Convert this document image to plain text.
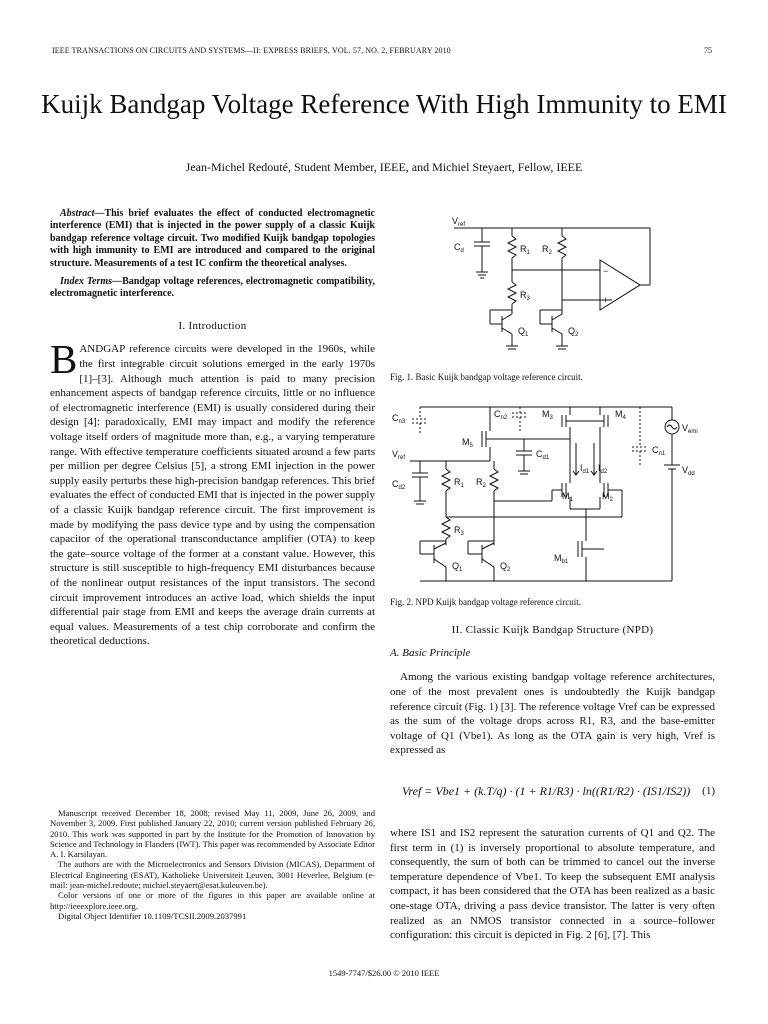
IEEE TRANSACTIONS ON CIRCUITS AND SYSTEMS—II: EXPRESS BRIEFS, VOL. 57, NO. 2, FEBRUARY 2010	75
Kuijk Bandgap Voltage Reference With High Immunity to EMI
Jean-Michel Redouté, Student Member, IEEE, and Michiel Steyaert, Fellow, IEEE

Abstract—This brief evaluates the effect of conducted electromagnetic interference (EMI) that is injected in the power supply of a classic Kuijk bandgap reference voltage circuit. Two modified Kuijk bandgap topologies with high immunity to EMI are introduced and compared to the original structure. Measurements of a test IC confirm the theoretical analyses.

Index Terms—Bandgap voltage references, electromagnetic compatibility, electromagnetic interference.

I. Introduction

BANDGAP reference circuits were developed in the 1960s, while the first integrable circuit solutions emerged in the early 1970s [1]–[3]. Although much attention is paid to many precision enhancement aspects of bandgap reference circuits, little or no influence of electromagnetic interference (EMI) is usually considered during their design [4]: paradoxically, EMI may impact and modify the reference voltage itself orders of magnitude more than, e.g., a varying temperature range. With effective temperature coefficients situated around a few parts per million per degree Celsius [5], a strong EMI injection in the power supply easily perturbs these high-precision bandgap references. This brief evaluates the effect of conducted EMI that is injected in the power supply of a classic Kuijk bandgap reference circuit. The first improvement is made by modifying the pass device type and by using the compensation capacitor of the operational transconductance amplifier (OTA) to keep the gate–source voltage of the former at a constant value. However, this structure is still susceptible to high-frequency EMI disturbances because of the nonlinear output resistances of the input transistors. The second circuit improvement introduces an active load, which shields the input differential pair stage from EMI and keeps the average drain currents at equal values. Measurements of a test chip corroborate and confirm the theoretical deductions.

Manuscript received December 18, 2008; revised May 11, 2009, June 26, 2009, and November 3, 2009. First published January 22, 2010; current version published February 26, 2010. This work was supported in part by the Institute for the Promotion of Innovation by Science and Technology in Flanders (IWT). This paper was recommended by Associate Editor A. I. Karsilayan.

The authors are with the Microelectronics and Sensors Division (MICAS), Department of Electrical Engineering (ESAT), Katholieke Universiteit Leuven, 3001 Heverlee, Belgium (e-mail: jean-michel.redoute; michiel.steyaert@esat.kuleuven.be).

Color versions of one or more of the figures in this paper are available online at http://ieeexplore.ieee.org.

Digital Object Identifier 10.1109/TCSII.2009.2037991

$V_{ref}$
$C_d$	$R_1$ $R_2$
$R_3$
−
+
$Q_1$	$Q_2$
Fig. 1. Basic Kuijk bandgap voltage reference circuit.
$C_{n3}$
$C_{n2}$	$M_3$	$M_4$
$M_5$
$C_{d1}$
$I_{d1}$ $I_{d2}$
$C_{n1}$
$V_{emi}$
$V_{dd}$
$V_{ref}$
$C_{d2}$
$R_1$ $R_2$
$M_1$	$M_2$
$R_3$
$Q_1$	$Q_2$
$M_{b1}$
Fig. 2. NPD Kuijk bandgap voltage reference circuit.
II. Classic Kuijk Bandgap Structure (NPD)
A. Basic Principle

Among the various existing bandgap voltage reference architectures, one of the most prevalent ones is undoubtedly the Kuijk bandgap reference circuit (Fig. 1) [3]. The reference voltage Vref can be expressed as the sum of the voltage drops across R1, R3, and the base-emitter voltage of Q1 (Vbe1). As long as the OTA gain is very high, Vref is expressed as

Vref = Vbe1 + (k.T/q) · (1 + R1/R3) · ln((R1/R2) · (IS1/IS2))	(1)

where IS1 and IS2 represent the saturation currents of Q1 and Q2. The first term in (1) is inversely proportional to absolute temperature, and consequently, the sum of both can be trimmed to cancel out the inverse temperature dependence of Vbe1. To keep the subsequent EMI analysis compact, it has been considered that the OTA has been realized as a basic one-stage OTA, driving a pass device transistor. The latter is very often realized as an NMOS transistor connected in a source–follower configuration: this circuit is depicted in Fig. 2 [6], [7]. This

1549-7747/$26.00 © 2010 IEEE
